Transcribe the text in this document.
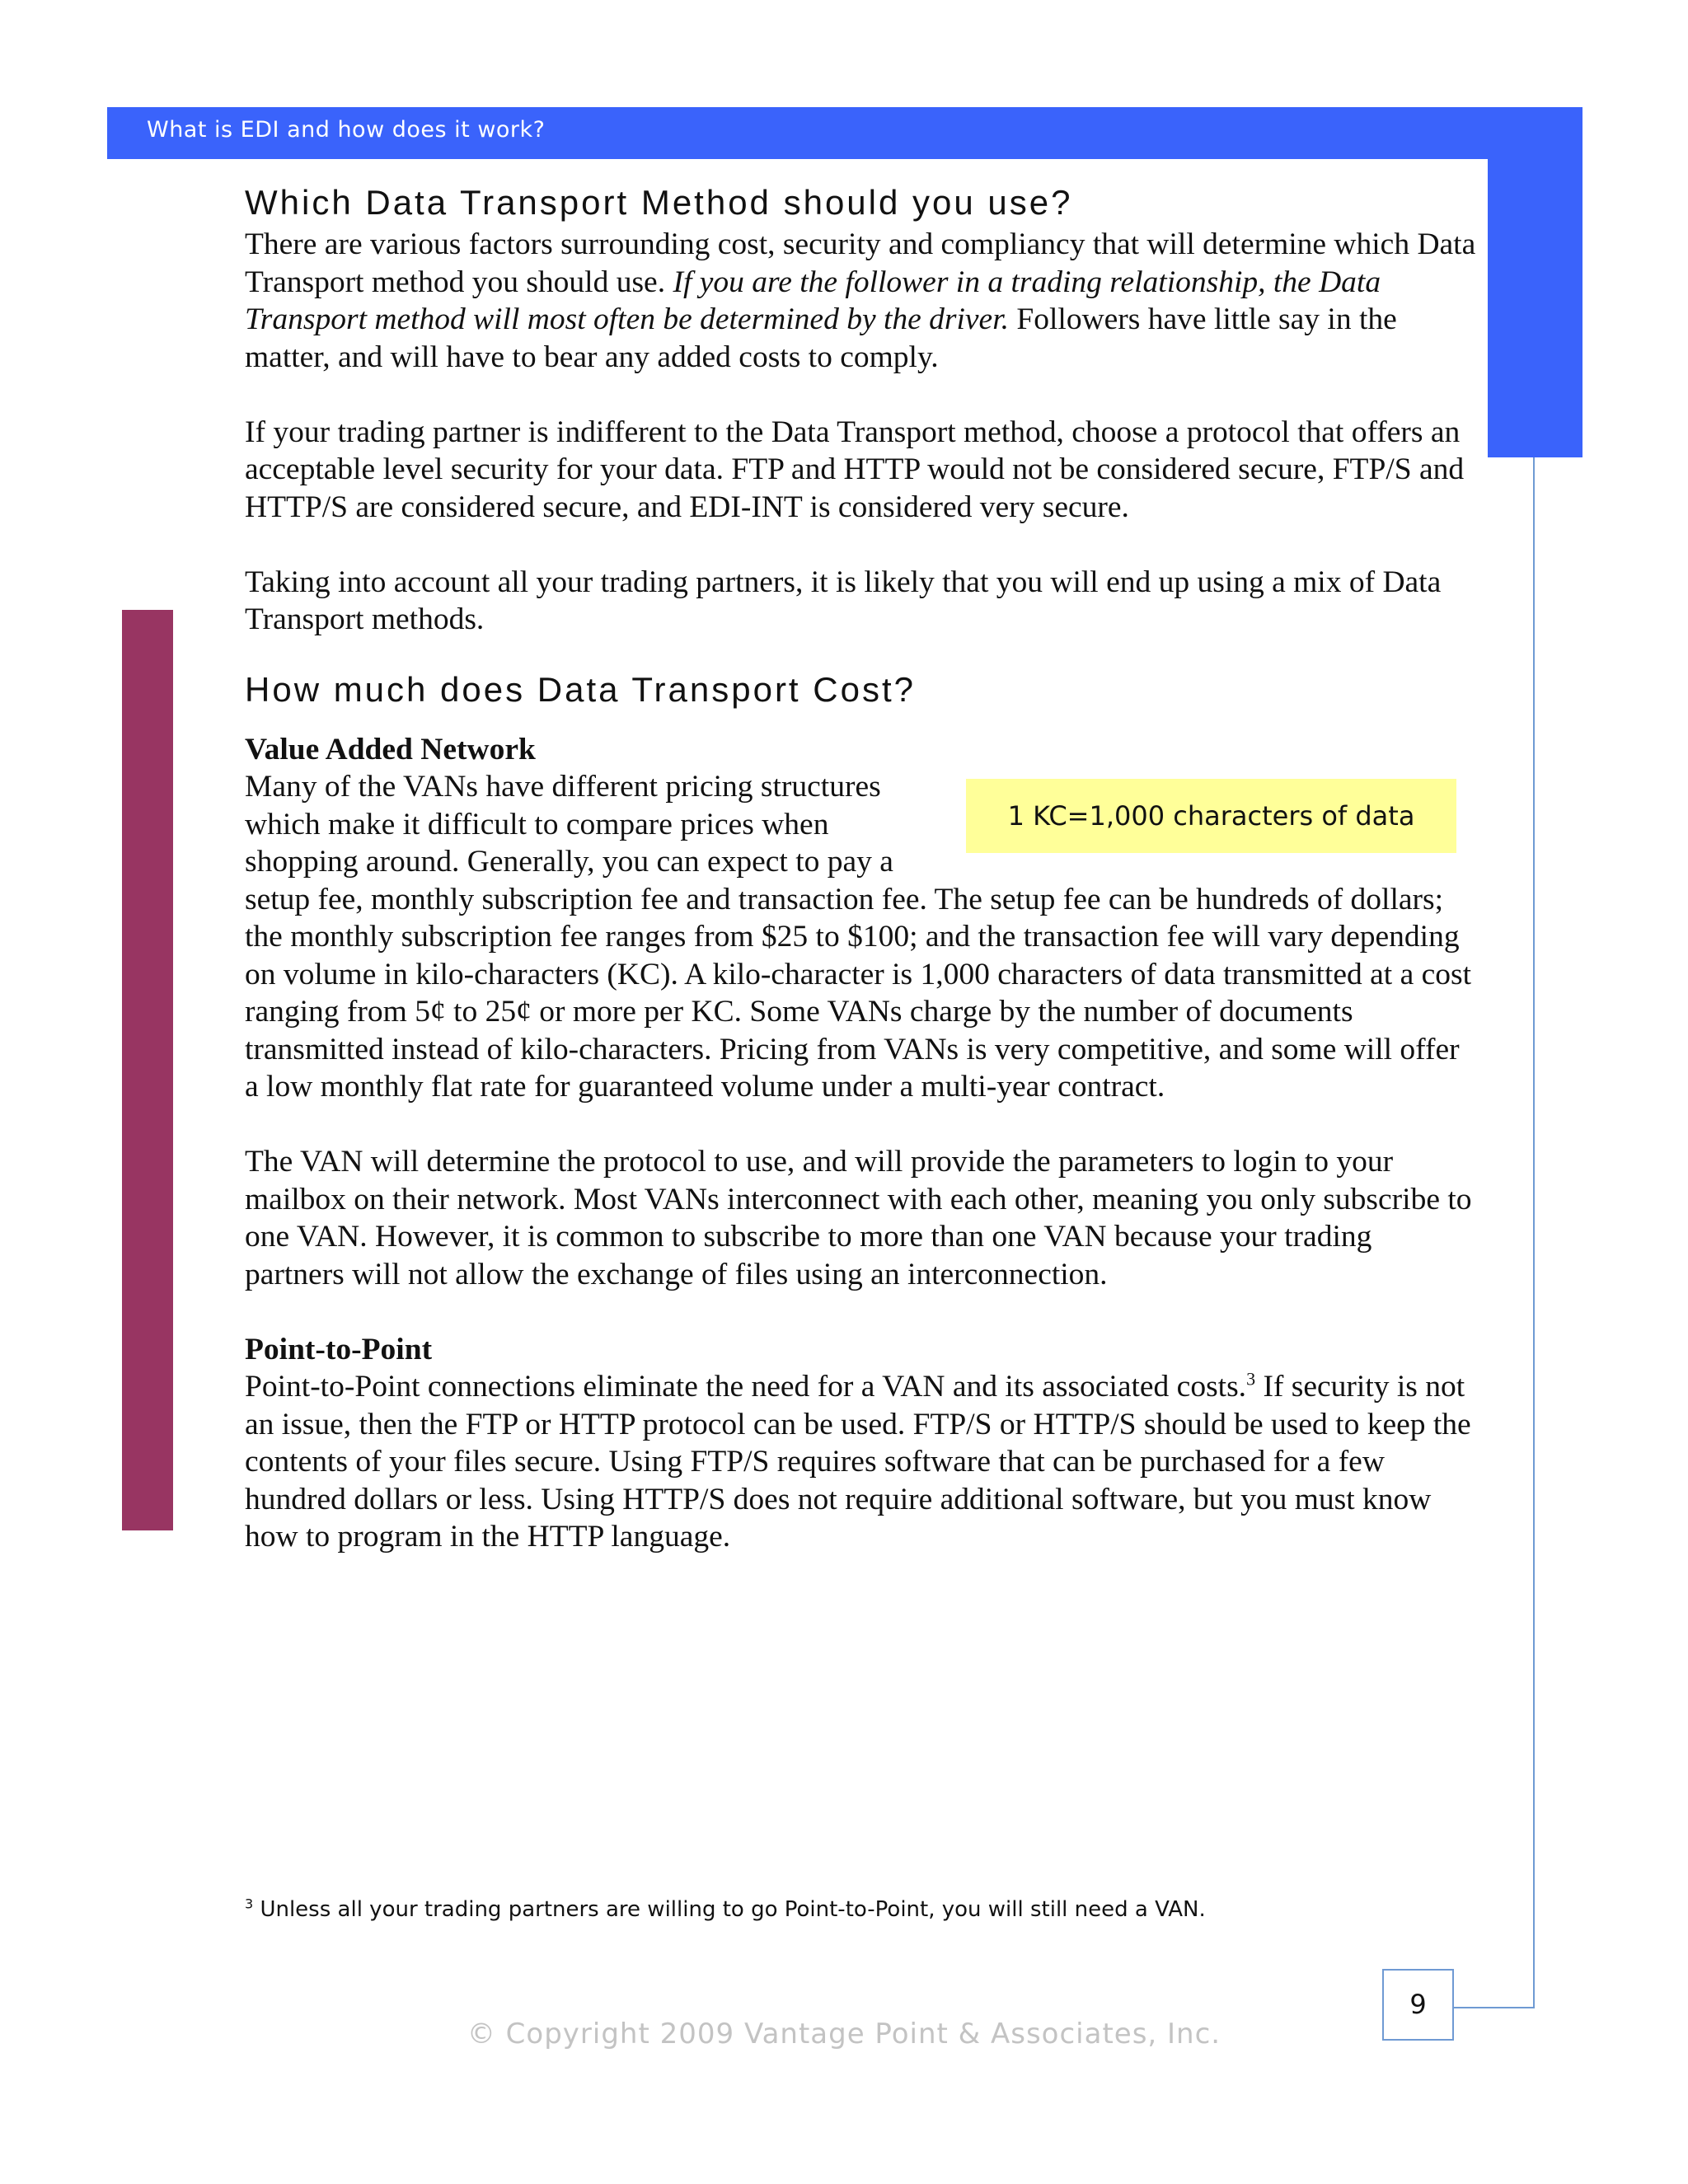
What is EDI and how does it work?
Which Data Transport Method should you use?

There are various factors surrounding cost, security and compliancy that will determine which Data Transport method you should use. If you are the follower in a trading relationship, the Data Transport method will most often be determined by the driver. Followers have little say in the matter, and will have to bear any added costs to comply.

If your trading partner is indifferent to the Data Transport method, choose a protocol that offers an acceptable level security for your data. FTP and HTTP would not be considered secure, FTP/S and HTTP/S are considered secure, and EDI-INT is considered very secure.

Taking into account all your trading partners, it is likely that you will end up using a mix of Data Transport methods.

How much does Data Transport Cost?

Value Added Network

1 KC=1,000 characters of data

Many of the VANs have different pricing structures which make it difficult to compare prices when shopping around. Generally, you can expect to pay a setup fee, monthly subscription fee and transaction fee. The setup fee can be hundreds of dollars; the monthly subscription fee ranges from $25 to $100; and the transaction fee will vary depending on volume in kilo-characters (KC). A kilo-character is 1,000 characters of data transmitted at a cost ranging from 5¢ to 25¢ or more per KC. Some VANs charge by the number of documents transmitted instead of kilo-characters. Pricing from VANs is very competitive, and some will offer a low monthly flat rate for guaranteed volume under a multi-year contract.

The VAN will determine the protocol to use, and will provide the parameters to login to your mailbox on their network. Most VANs interconnect with each other, meaning you only subscribe to one VAN. However, it is common to subscribe to more than one VAN because your trading partners will not allow the exchange of files using an interconnection.

Point-to-Point

Point-to-Point connections eliminate the need for a VAN and its associated costs.$^3$ If security is not an issue, then the FTP or HTTP protocol can be used. FTP/S or HTTP/S should be used to keep the contents of your files secure. Using FTP/S requires software that can be purchased for a few hundred dollars or less. Using HTTP/S does not require additional software, but you must know how to program in the HTTP language.

$^3$ Unless all your trading partners are willing to go Point-to-Point, you will still need a VAN.
9
© Copyright 2009 Vantage Point & Associates, Inc.
